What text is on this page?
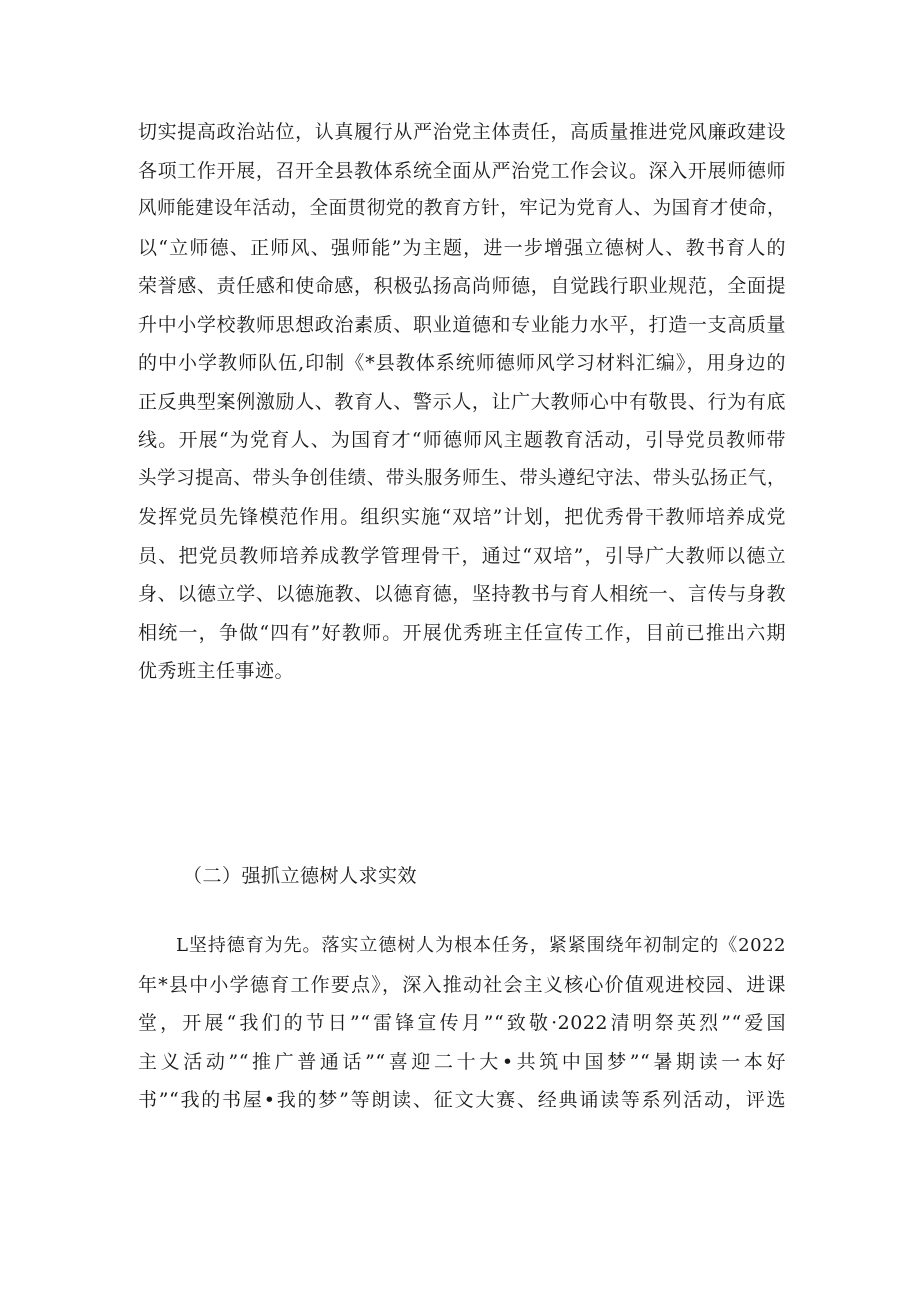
切实提高政治站位，认真履行从严治党主体责任，高质量推进党风廉政建设
各项工作开展，召开全县教体系统全面从严治党工作会议。深入开展师德师
风师能建设年活动，全面贯彻党的教育方针，牢记为党育人、为国育才使命，
以“立师德、正师风、强师能”为主题，进一步增强立德树人、教书育人的
荣誉感、责任感和使命感，积极弘扬高尚师德，自觉践行职业规范，全面提
升中小学校教师思想政治素质、职业道德和专业能力水平，打造一支高质量
的中小学教师队伍,印制《*县教体系统师德师风学习材料汇编》，用身边的
正反典型案例激励人、教育人、警示人，让广大教师心中有敬畏、行为有底
线。开展“为党育人、为国育才“师德师风主题教育活动，引导党员教师带
头学习提高、带头争创佳绩、带头服务师生、带头遵纪守法、带头弘扬正气，
发挥党员先锋模范作用。组织实施“双培”计划，把优秀骨干教师培养成党
员、把党员教师培养成教学管理骨干，通过“双培”，引导广大教师以德立
身、以德立学、以德施教、以德育德，坚持教书与育人相统一、言传与身教
相统一，争做“四有”好教师。开展优秀班主任宣传工作，目前已推出六期
优秀班主任事迹。
（二）强抓立德树人求实效
L坚持德育为先。落实立德树人为根本任务，紧紧围绕年初制定的《2022
年*县中小学德育工作要点》，深入推动社会主义核心价值观进校园、进课
堂，开展“我们的节日”“雷锋宣传月”“致敬·2022清明祭英烈”“爱国
主义活动”“推广普通话”“喜迎二十大•共筑中国梦”“暑期读一本好
书”“我的书屋•我的梦”等朗读、征文大赛、经典诵读等系列活动，评选
